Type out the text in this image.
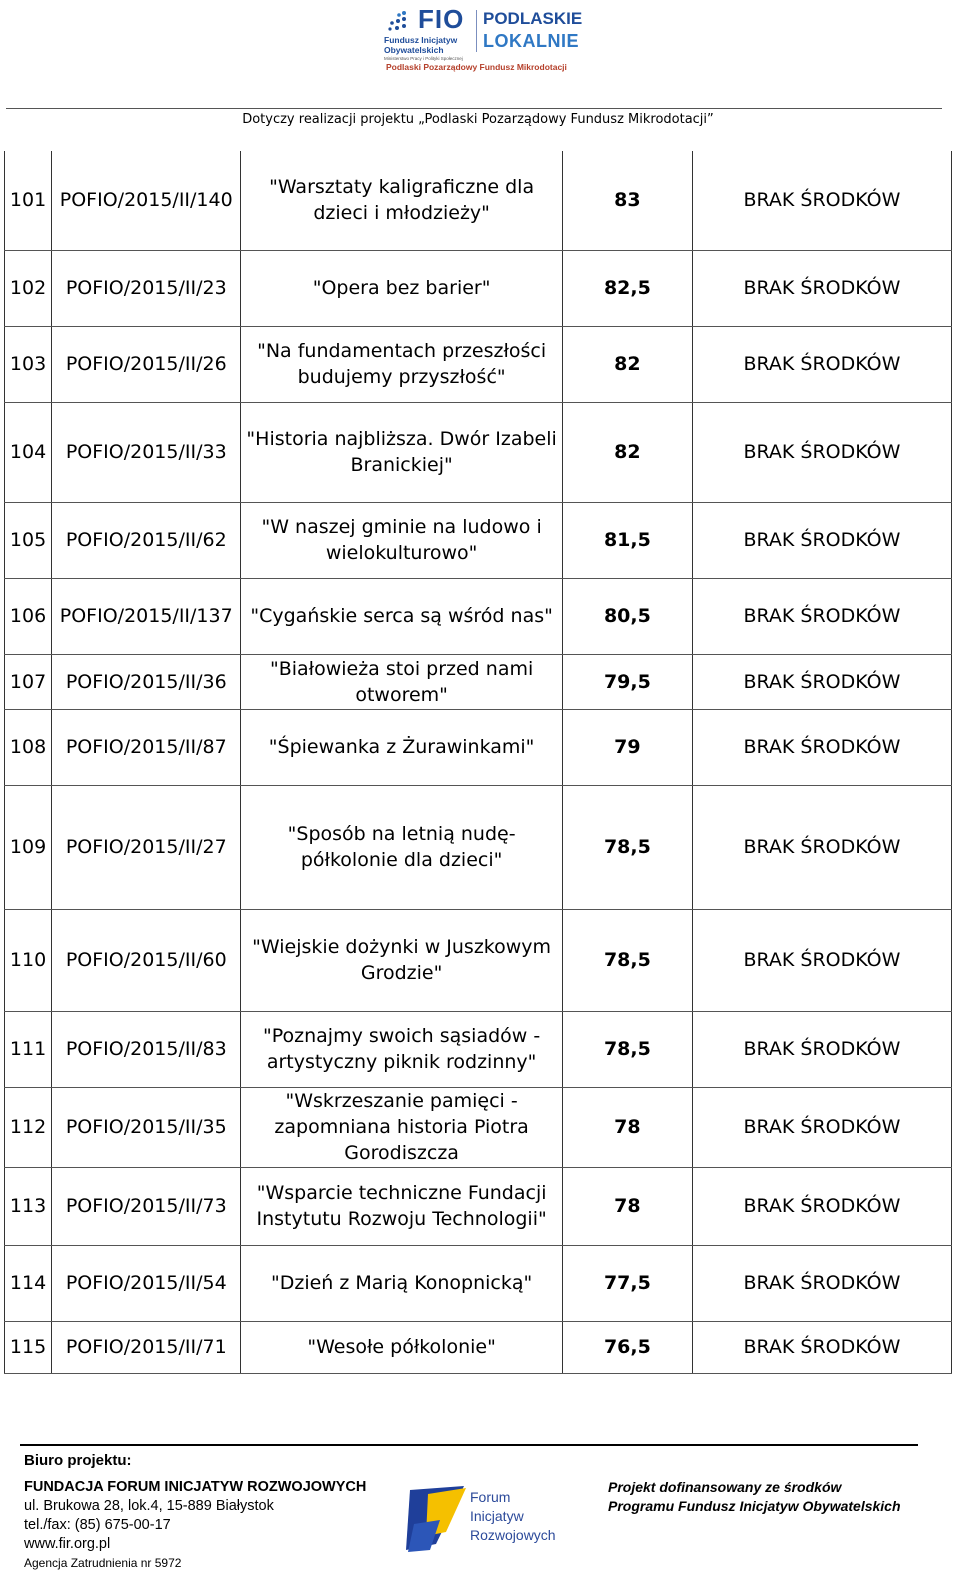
FIO
Fundusz Inicjatyw
Obywatelskich
Ministerstwo Pracy i Polityki Społecznej
PODLASKIE
LOKALNIE
Podlaski Pozarządowy Fundusz Mikrodotacji
Dotyczy realizacji projektu „Podlaski Pozarządowy Fundusz Mikrodotacji”
101	POFIO/2015/II/140	"Warsztaty kaligraficzne dla dzieci i młodzieży"	83	BRAK ŚRODKÓW
102	POFIO/2015/II/23	"Opera bez barier"	82,5	BRAK ŚRODKÓW
103	POFIO/2015/II/26	"Na fundamentach przeszłości budujemy przyszłość"	82	BRAK ŚRODKÓW
104	POFIO/2015/II/33	"Historia najbliższa. Dwór Izabeli Branickiej"	82	BRAK ŚRODKÓW
105	POFIO/2015/II/62	"W naszej gminie na ludowo i wielokulturowo"	81,5	BRAK ŚRODKÓW
106	POFIO/2015/II/137	"Cygańskie serca są wśród nas"	80,5	BRAK ŚRODKÓW
107	POFIO/2015/II/36	"Białowieża stoi przed nami otworem"	79,5	BRAK ŚRODKÓW
108	POFIO/2015/II/87	"Śpiewanka z Żurawinkami"	79	BRAK ŚRODKÓW
109	POFIO/2015/II/27	"Sposób na letnią nudę-półkolonie dla dzieci"	78,5	BRAK ŚRODKÓW
110	POFIO/2015/II/60	"Wiejskie dożynki w Juszkowym Grodzie"	78,5	BRAK ŚRODKÓW
111	POFIO/2015/II/83	"Poznajmy swoich sąsiadów - artystyczny piknik rodzinny"	78,5	BRAK ŚRODKÓW
112	POFIO/2015/II/35	"Wskrzeszanie pamięci - zapomniana historia Piotra Gorodiszcza	78	BRAK ŚRODKÓW
113	POFIO/2015/II/73	"Wsparcie techniczne Fundacji Instytutu Rozwoju Technologii"	78	BRAK ŚRODKÓW
114	POFIO/2015/II/54	"Dzień z Marią Konopnicką"	77,5	BRAK ŚRODKÓW
115	POFIO/2015/II/71	"Wesołe półkolonie"	76,5	BRAK ŚRODKÓW
Biuro projektu:
FUNDACJA FORUM INICJATYW ROZWOJOWYCH
ul. Brukowa 28, lok.4, 15-889 Białystok
tel./fax: (85) 675-00-17
www.fir.org.pl
Agencja Zatrudnienia nr 5972
Forum
Inicjatyw
Rozwojowych
Projekt dofinansowany ze środków
Programu Fundusz Inicjatyw Obywatelskich
